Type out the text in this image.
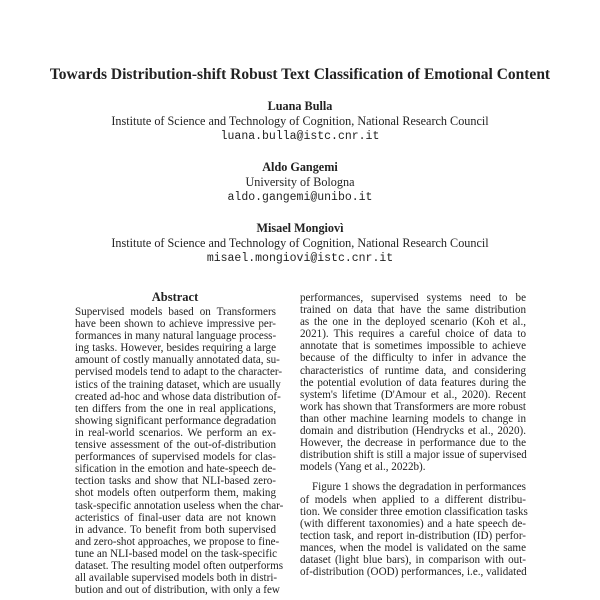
Towards Distribution-shift Robust Text Classification of Emotional Content
Luana Bulla
Institute of Science and Technology of Cognition, National Research Council
luana.bulla@istc.cnr.it
Aldo Gangemi
University of Bologna
aldo.gangemi@unibo.it
Misael Mongiovì
Institute of Science and Technology of Cognition, National Research Council
misael.mongiovi@istc.cnr.it
Abstract
Supervised models based on Transformers
have been shown to achieve impressive per-
formances in many natural language process-
ing tasks. However, besides requiring a large
amount of costly manually annotated data, su-
pervised models tend to adapt to the character-
istics of the training dataset, which are usually
created ad-hoc and whose data distribution of-
ten differs from the one in real applications,
showing significant performance degradation
in real-world scenarios. We perform an ex-
tensive assessment of the out-of-distribution
performances of supervised models for clas-
sification in the emotion and hate-speech de-
tection tasks and show that NLI-based zero-
shot models often outperform them, making
task-specific annotation useless when the char-
acteristics of final-user data are not known
in advance. To benefit from both supervised
and zero-shot approaches, we propose to fine-
tune an NLI-based model on the task-specific
dataset. The resulting model often outperforms
all available supervised models both in distri-
bution and out of distribution, with only a few
performances, supervised systems need to be
trained on data that have the same distribution
as the one in the deployed scenario (Koh et al.,
2021). This requires a careful choice of data to
annotate that is sometimes impossible to achieve
because of the difficulty to infer in advance the
characteristics of runtime data, and considering
the potential evolution of data features during the
system's lifetime (D'Amour et al., 2020). Recent
work has shown that Transformers are more robust
than other machine learning models to change in
domain and distribution (Hendrycks et al., 2020).
However, the decrease in performance due to the
distribution shift is still a major issue of supervised
models (Yang et al., 2022b).
Figure 1 shows the degradation in performances
of models when applied to a different distribu-
tion. We consider three emotion classification tasks
(with different taxonomies) and a hate speech de-
tection task, and report in-distribution (ID) perfor-
mances, when the model is validated on the same
dataset (light blue bars), in comparison with out-
of-distribution (OOD) performances, i.e., validated
